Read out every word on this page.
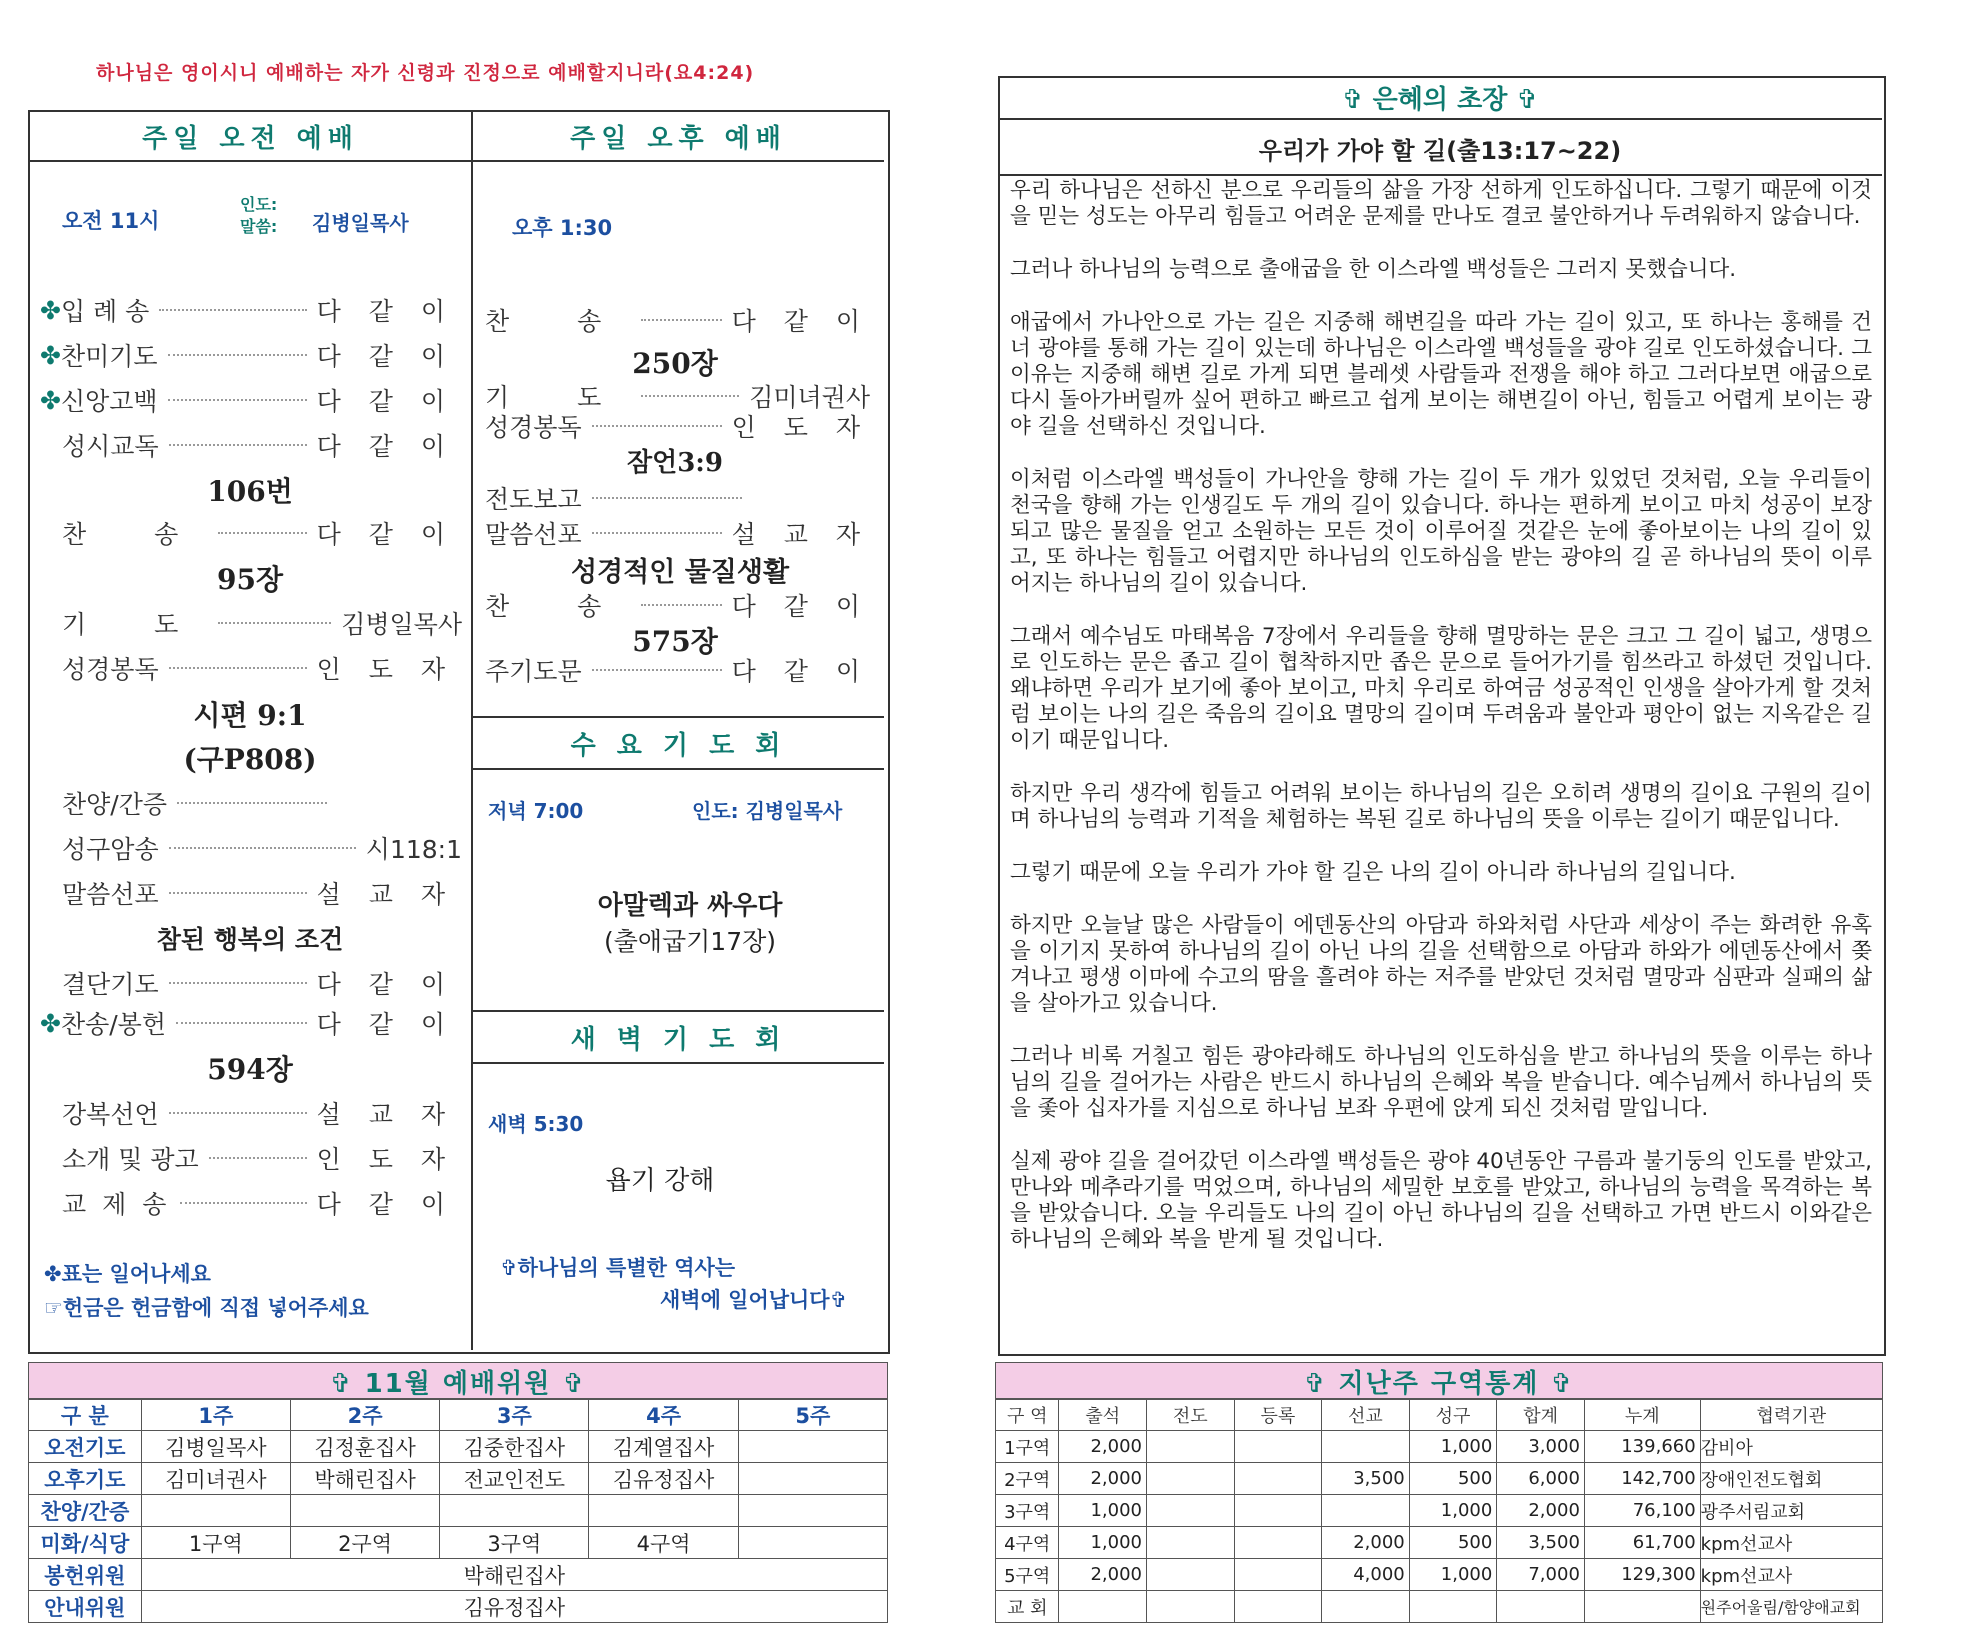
하나님은 영이시니 예배하는 자가 신령과 진정으로 예배할지니라(요4:24)
주일 오전 예배	주일 오후 예배
오전 11시
인도:
말씀: 김병일목사
✤ 입 례 송	다 같 이
✤ 찬미기도	다 같 이
✤ 신앙고백	다 같 이
성시교독	다 같 이
106번
찬 송	다 같 이
95장
기 도	김병일목사
성경봉독	인 도 자
시편 9:1
(구P808)
찬양/간증
성구암송	시118:1
말씀선포	설 교 자
참된 행복의 조건
결단기도	다 같 이
✤ 찬송/봉헌	다 같 이
594장
강복선언	설 교 자
소개 및 광고	인 도 자
교 제 송	다 같 이
✤표는 일어나세요
☞헌금은 헌금함에 직접 넣어주세요
오후 1:30
찬 송	다 같 이
250장
기 도	김미녀권사
성경봉독	인 도 자
잠언3:9
전도보고
말씀선포	설 교 자
성경적인 물질생활
찬 송	다 같 이
575장
주기도문	다 같 이
수 요 기 도 회
저녁 7:00	인도: 김병일목사
아말렉과 싸우다
(출애굽기17장)
새 벽 기 도 회
새벽 5:30
욥기 강해
✞하나님의 특별한 역사는
새벽에 일어납니다✞
✞ 11월 예배위원 ✞
구 분	1주	2주	3주	4주	5주
오전기도	김병일목사	김정훈집사	김중한집사	김계열집사	
오후기도	김미녀권사	박해린집사	전교인전도	김유정집사	
찬양/간증					
미화/식당	1구역	2구역	3구역	4구역	
봉헌위원	박해린집사				
안내위원	김유정집사				
✞ 은혜의 초장 ✞
우리가 가야 할 길(출13:17~22)

우리 하나님은 선하신 분으로 우리들의 삶을 가장 선하게 인도하십니다. 그렇기 때문에 이것을 믿는 성도는 아무리 힘들고 어려운 문제를 만나도 결코 불안하거나 두려워하지 않습니다.

그러나 하나님의 능력으로 출애굽을 한 이스라엘 백성들은 그러지 못했습니다.

애굽에서 가나안으로 가는 길은 지중해 해변길을 따라 가는 길이 있고, 또 하나는 홍해를 건너 광야를 통해 가는 길이 있는데 하나님은 이스라엘 백성들을 광야 길로 인도하셨습니다. 그 이유는 지중해 해변 길로 가게 되면 블레셋 사람들과 전쟁을 해야 하고 그러다보면 애굽으로 다시 돌아가버릴까 싶어 편하고 빠르고 쉽게 보이는 해변길이 아닌, 힘들고 어렵게 보이는 광야 길을 선택하신 것입니다.

이처럼 이스라엘 백성들이 가나안을 향해 가는 길이 두 개가 있었던 것처럼, 오늘 우리들이 천국을 향해 가는 인생길도 두 개의 길이 있습니다. 하나는 편하게 보이고 마치 성공이 보장되고 많은 물질을 얻고 소원하는 모든 것이 이루어질 것같은 눈에 좋아보이는 나의 길이 있고, 또 하나는 힘들고 어렵지만 하나님의 인도하심을 받는 광야의 길 곧 하나님의 뜻이 이루어지는 하나님의 길이 있습니다.

그래서 예수님도 마태복음 7장에서 우리들을 향해 멸망하는 문은 크고 그 길이 넓고, 생명으로 인도하는 문은 좁고 길이 협착하지만 좁은 문으로 들어가기를 힘쓰라고 하셨던 것입니다. 왜냐하면 우리가 보기에 좋아 보이고, 마치 우리로 하여금 성공적인 인생을 살아가게 할 것처럼 보이는 나의 길은 죽음의 길이요 멸망의 길이며 두려움과 불안과 평안이 없는 지옥같은 길이기 때문입니다.

하지만 우리 생각에 힘들고 어려워 보이는 하나님의 길은 오히려 생명의 길이요 구원의 길이며 하나님의 능력과 기적을 체험하는 복된 길로 하나님의 뜻을 이루는 길이기 때문입니다.

그렇기 때문에 오늘 우리가 가야 할 길은 나의 길이 아니라 하나님의 길입니다.

하지만 오늘날 많은 사람들이 에덴동산의 아담과 하와처럼 사단과 세상이 주는 화려한 유혹을 이기지 못하여 하나님의 길이 아닌 나의 길을 선택함으로 아담과 하와가 에덴동산에서 쫒겨나고 평생 이마에 수고의 땀을 흘려야 하는 저주를 받았던 것처럼 멸망과 심판과 실패의 삶을 살아가고 있습니다.

그러나 비록 거칠고 힘든 광야라해도 하나님의 인도하심을 받고 하나님의 뜻을 이루는 하나님의 길을 걸어가는 사람은 반드시 하나님의 은혜와 복을 받습니다. 예수님께서 하나님의 뜻을 좇아 십자가를 지심으로 하나님 보좌 우편에 앉게 되신 것처럼 말입니다.

실제 광야 길을 걸어갔던 이스라엘 백성들은 광야 40년동안 구름과 불기둥의 인도를 받았고, 만나와 메추라기를 먹었으며, 하나님의 세밀한 보호를 받았고, 하나님의 능력을 목격하는 복을 받았습니다. 오늘 우리들도 나의 길이 아닌 하나님의 길을 선택하고 가면 반드시 이와같은 하나님의 은혜와 복을 받게 될 것입니다.

✞ 지난주 구역통계 ✞
구 역	출석	전도	등록	선교	성구	합계	누계	협력기관
1구역	2,000				1,000	3,000	139,660	감비아
2구역	2,000			3,500	500	6,000	142,700	장애인전도협회
3구역	1,000				1,000	2,000	76,100	광주서림교회
4구역	1,000			2,000	500	3,500	61,700	kpm선교사
5구역	2,000			4,000	1,000	7,000	129,300	kpm선교사
교 회								원주어울림/함양애교회
